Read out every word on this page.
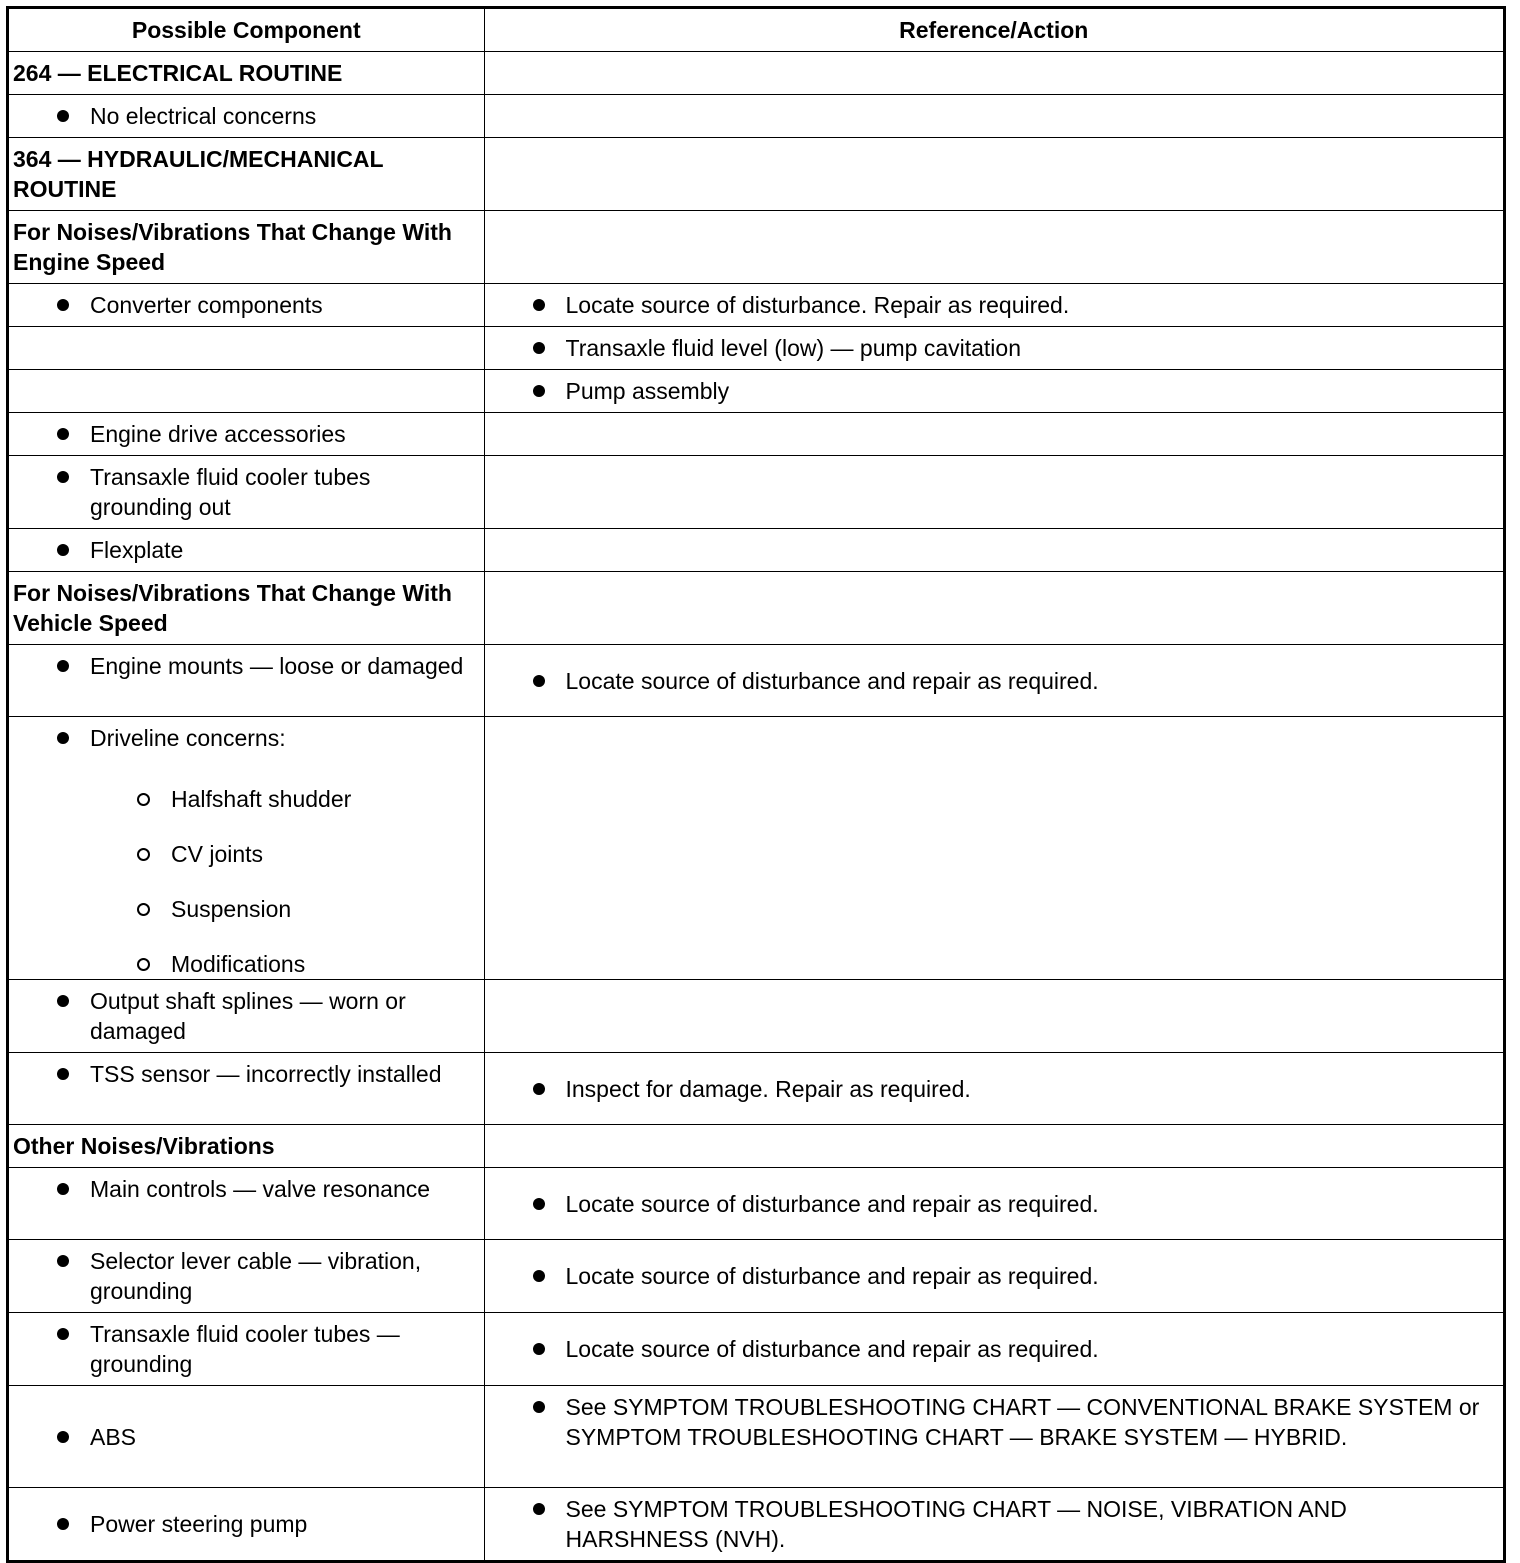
Possible Component	Reference/Action

264 — ELECTRICAL ROUTINE	

No electrical concerns	

364 — HYDRAULIC/MECHANICAL ROUTINE	

For Noises/Vibrations That Change With Engine Speed	

Converter components	Locate source of disturbance. Repair as required.

	Transaxle fluid level (low) — pump cavitation

	Pump assembly

Engine drive accessories	

Transaxle fluid cooler tubes grounding out	

Flexplate	

For Noises/Vibrations That Change With Vehicle Speed	

Engine mounts — loose or damaged	Locate source of disturbance and repair as required.

Driveline concerns:
Halfshaft shudder
CV joints
Suspension
Modifications	

Output shaft splines — worn or damaged	

TSS sensor — incorrectly installed	Inspect for damage. Repair as required.

Other Noises/Vibrations	

Main controls — valve resonance	Locate source of disturbance and repair as required.

Selector lever cable — vibration, grounding	Locate source of disturbance and repair as required.

Transaxle fluid cooler tubes — grounding	Locate source of disturbance and repair as required.

ABS	See SYMPTOM TROUBLESHOOTING CHART — CONVENTIONAL BRAKE SYSTEM or SYMPTOM TROUBLESHOOTING CHART — BRAKE SYSTEM — HYBRID.

Power steering pump	See SYMPTOM TROUBLESHOOTING CHART — NOISE, VIBRATION AND HARSHNESS (NVH).
